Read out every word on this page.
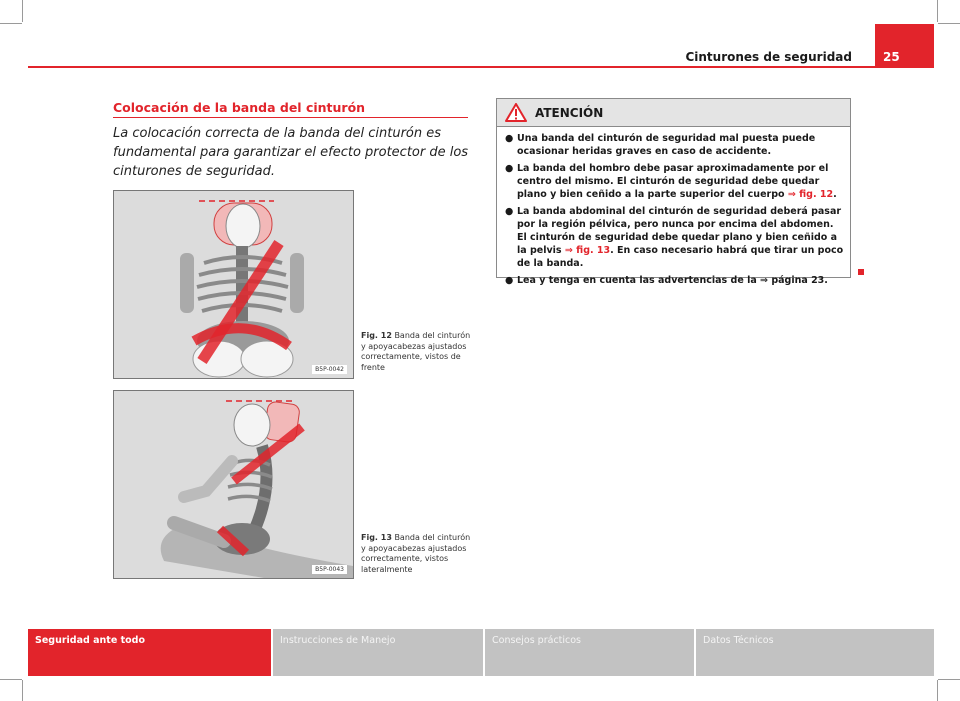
Cinturones de seguridad	25
Colocación de la banda del cinturón
La colocación correcta de la banda del cinturón es fundamental para garantizar el efecto protector de los cinturones de seguridad.
B5P-0042
Fig. 12 Banda del cinturón y apoyacabezas ajustados correctamente, vistos de frente
B5P-0043
Fig. 13 Banda del cinturón y apoyacabezas ajustados correctamente, vistos lateralmente
ATENCIÓN
● Una banda del cinturón de seguridad mal puesta puede ocasionar heridas graves en caso de accidente.
● La banda del hombro debe pasar aproximadamente por el centro del mismo. El cinturón de seguridad debe quedar plano y bien ceñido a la parte superior del cuerpo ⇒ fig. 12.
● La banda abdominal del cinturón de seguridad deberá pasar por la región pélvica, pero nunca por encima del abdomen. El cinturón de seguridad debe quedar plano y bien ceñido a la pelvis ⇒ fig. 13. En caso necesario habrá que tirar un poco de la banda.
● Lea y tenga en cuenta las advertencias de la ⇒ página 23.
Seguridad ante todo	Instrucciones de Manejo	Consejos prácticos	Datos Técnicos
